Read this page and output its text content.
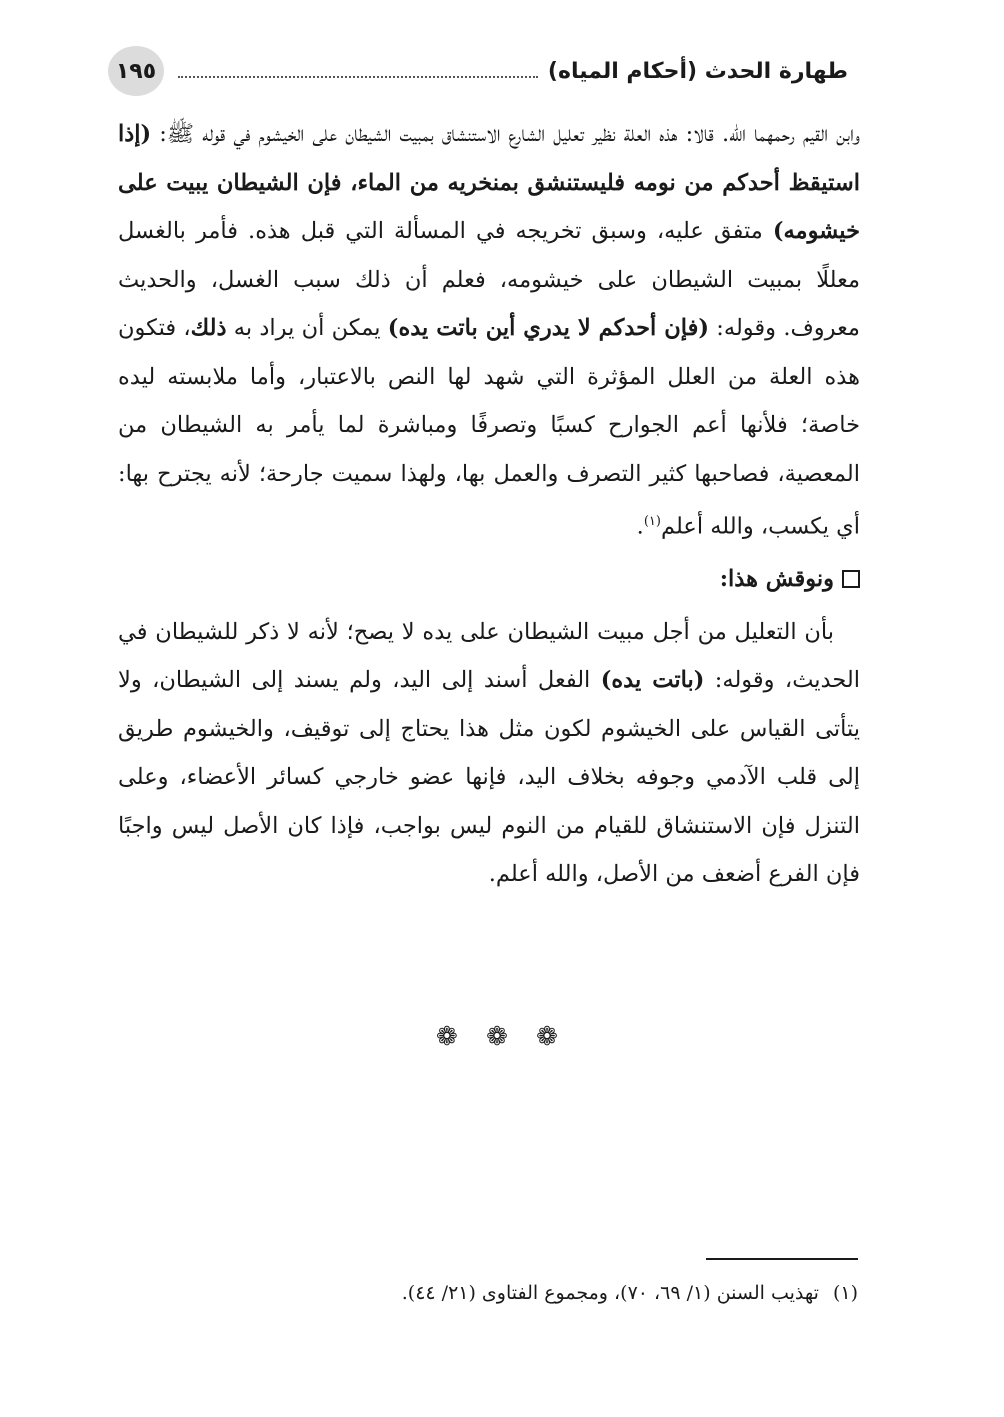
طهارة الحدث (أحكام المياه)
١٩٥

وابن القيم رحمهما الله. قالا: هذه العلة نظير تعليل الشارع الاستنشاق بمبيت الشيطان على الخيشوم في قوله ﷺ: (إذا استيقظ أحدكم من نومه فليستنشق بمنخريه من الماء، فإن الشيطان يبيت على خيشومه) متفق عليه، وسبق تخريجه في المسألة التي قبل هذه. فأمر بالغسل معللًا بمبيت الشيطان على خيشومه، فعلم أن ذلك سبب الغسل، والحديث معروف. وقوله: (فإن أحدكم لا يدري أين باتت يده) يمكن أن يراد به ذلك، فتكون هذه العلة من العلل المؤثرة التي شهد لها النص بالاعتبار، وأما ملابسته ليده خاصة؛ فلأنها أعم الجوارح كسبًا وتصرفًا ومباشرة لما يأمر به الشيطان من المعصية، فصاحبها كثير التصرف والعمل بها، ولهذا سميت جارحة؛ لأنه يجترح بها: أي يكسب، والله أعلم$^{(١)}$.

ونوقش هذا:

بأن التعليل من أجل مبيت الشيطان على يده لا يصح؛ لأنه لا ذكر للشيطان في الحديث، وقوله: (باتت يده) الفعل أسند إلى اليد، ولم يسند إلى الشيطان، ولا يتأتى القياس على الخيشوم لكون مثل هذا يحتاج إلى توقيف، والخيشوم طريق إلى قلب الآدمي وجوفه بخلاف اليد، فإنها عضو خارجي كسائر الأعضاء، وعلى التنزل فإن الاستنشاق للقيام من النوم ليس بواجب، فإذا كان الأصل ليس واجبًا فإن الفرع أضعف من الأصل، والله أعلم.

❁ ❁ ❁
(١)تهذيب السنن (١/ ٦٩، ٧٠)، ومجموع الفتاوى (٢١/ ٤٤).
